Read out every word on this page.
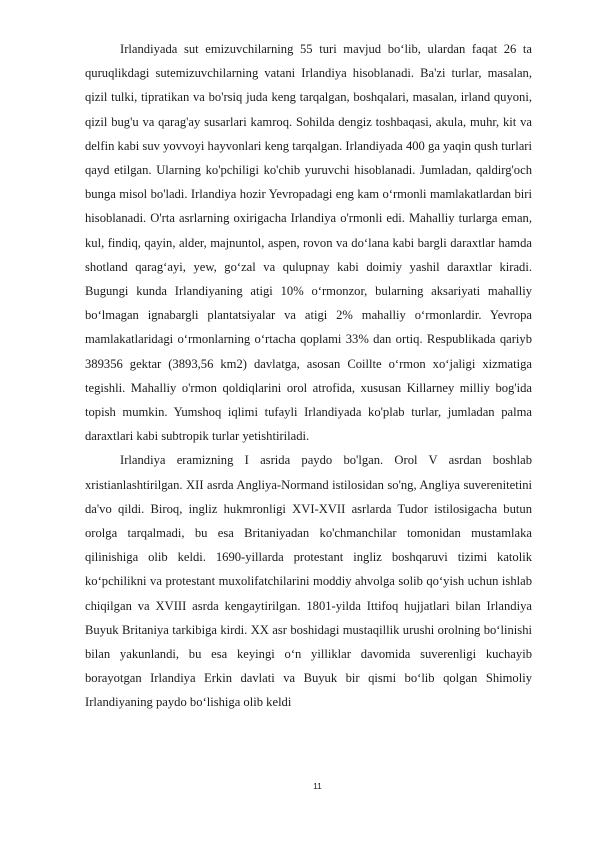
Irlandiyada sut emizuvchilarning 55 turi mavjud bo‘lib, ulardan faqat 26 ta quruqlikdagi sutemizuvchilarning vatani Irlandiya hisoblanadi. Ba'zi turlar, masalan, qizil tulki, tipratikan va bo'rsiq juda keng tarqalgan, boshqalari, masalan, irland quyoni, qizil bug'u va qarag'ay susarlari kamroq. Sohilda dengiz toshbaqasi, akula, muhr, kit va delfin kabi suv yovvoyi hayvonlari keng tarqalgan. Irlandiyada 400 ga yaqin qush turlari qayd etilgan. Ularning ko'pchiligi ko'chib yuruvchi hisoblanadi. Jumladan, qaldirg'och bunga misol bo'ladi. Irlandiya hozir Yevropadagi eng kam o‘rmonli mamlakatlardan biri hisoblanadi. O'rta asrlarning oxirigacha Irlandiya o'rmonli edi. Mahalliy turlarga eman, kul, findiq, qayin, alder, majnuntol, aspen, rovon va do‘lana kabi bargli daraxtlar hamda shotland qarag‘ayi, yew, go‘zal va qulupnay kabi doimiy yashil daraxtlar kiradi. Bugungi kunda Irlandiyaning atigi 10% o‘rmonzor, bularning aksariyati mahalliy bo‘lmagan ignabargli plantatsiyalar va atigi 2% mahalliy o‘rmonlardir. Yevropa mamlakatlaridagi o‘rmonlarning o‘rtacha qoplami 33% dan ortiq. Respublikada qariyb 389356 gektar (3893,56 km2) davlatga, asosan Coillte o‘rmon xo‘jaligi xizmatiga tegishli. Mahalliy o'rmon qoldiqlarini orol atrofida, xususan Killarney milliy bog'ida topish mumkin. Yumshoq iqlimi tufayli Irlandiyada ko'plab turlar, jumladan palma daraxtlari kabi subtropik turlar yetishtiriladi.

Irlandiya eramizning I asrida paydo bo'lgan. Orol V asrdan boshlab xristianlashtirilgan. XII asrda Angliya-Normand istilosidan so'ng, Angliya suverenitetini da'vo qildi. Biroq, ingliz hukmronligi XVI-XVII asrlarda Tudor istilosigacha butun orolga tarqalmadi, bu esa Britaniyadan ko'chmanchilar tomonidan mustamlaka qilinishiga olib keldi. 1690-yillarda protestant ingliz boshqaruvi tizimi katolik ko‘pchilikni va protestant muxolifatchilarini moddiy ahvolga solib qo‘yish uchun ishlab chiqilgan va XVIII asrda kengaytirilgan. 1801-yilda Ittifoq hujjatlari bilan Irlandiya Buyuk Britaniya tarkibiga kirdi. XX asr boshidagi mustaqillik urushi orolning bo‘linishi bilan yakunlandi, bu esa keyingi o‘n yilliklar davomida suverenligi kuchayib borayotgan Irlandiya Erkin davlati va Buyuk bir qismi bo‘lib qolgan Shimoliy Irlandiyaning paydo bo‘lishiga olib keldi

11
